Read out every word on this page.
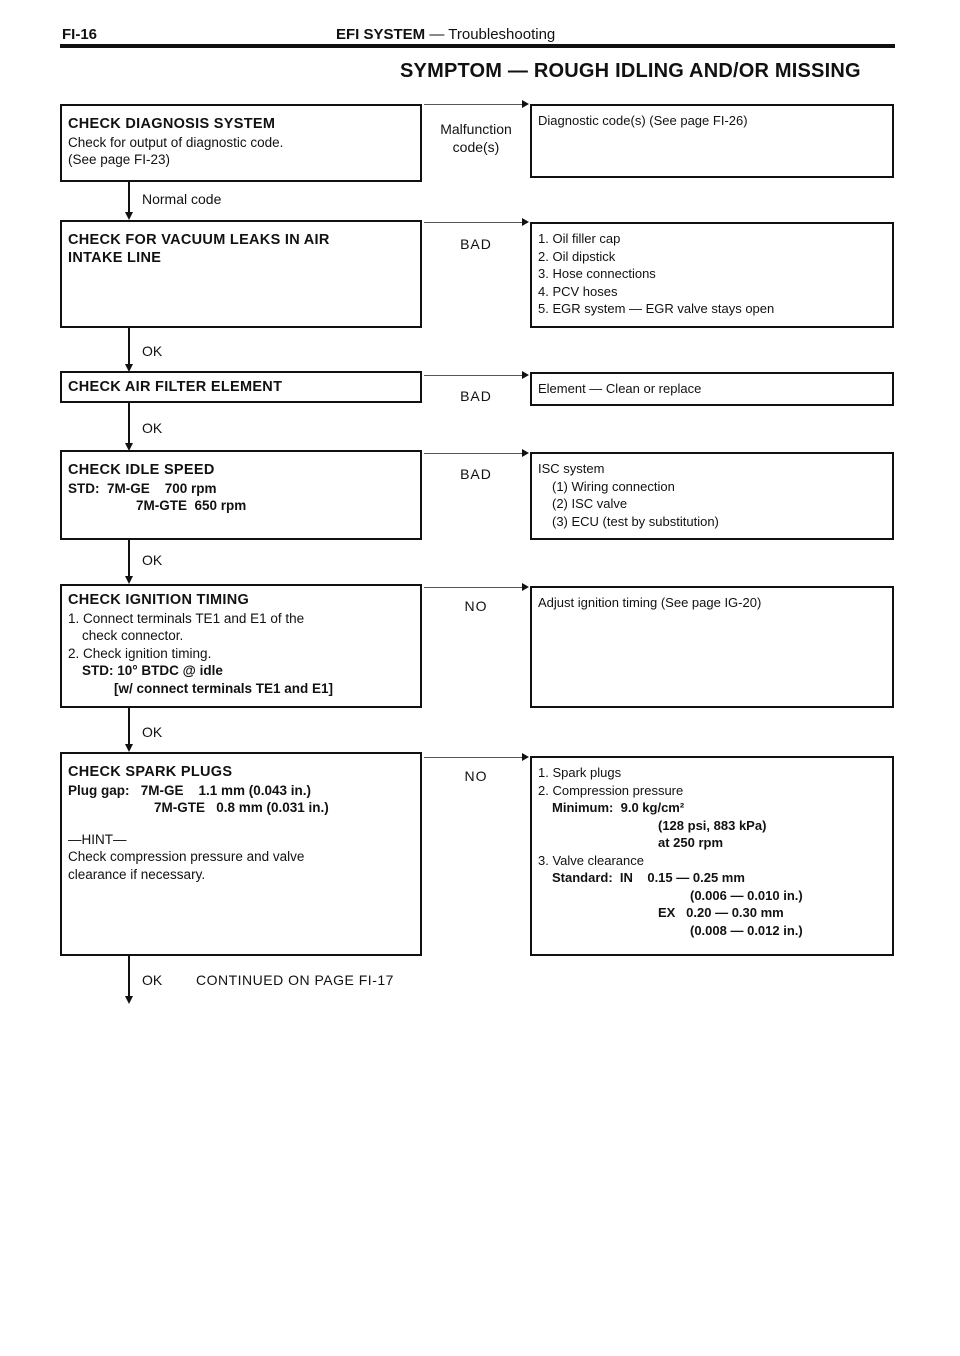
FI-16	EFI SYSTEM — Troubleshooting
SYMPTOM — ROUGH IDLING AND/OR MISSING

CHECK DIAGNOSIS SYSTEM

Check for output of diagnostic code.

(See page FI-23)

Malfunction
code(s)

Diagnostic code(s) (See page FI-26)

Normal code

CHECK FOR VACUUM LEAKS IN AIR

INTAKE LINE

BAD	1. Oil filler cap

2. Oil dipstick

3. Hose connections

4. PCV hoses

5. EGR system — EGR valve stays open

OK

CHECK AIR FILTER ELEMENT

BAD	Element — Clean or replace

OK

CHECK IDLE SPEED

STD:  7M-GE    700 rpm

7M-GTE  650 rpm

BAD	ISC system

(1) Wiring connection

(2) ISC valve

(3) ECU (test by substitution)

OK

CHECK IGNITION TIMING

1. Connect terminals TE1 and E1 of the

check connector.

2. Check ignition timing.

STD: 10° BTDC @ idle

[w/ connect terminals TE1 and E1]

NO	Adjust ignition timing (See page IG-20)

OK

CHECK SPARK PLUGS

Plug gap:   7M-GE    1.1 mm (0.043 in.)

7M-GTE   0.8 mm (0.031 in.)

—HINT—

Check compression pressure and valve

clearance if necessary.

NO	1. Spark plugs

2. Compression pressure

Minimum:  9.0 kg/cm²

(128 psi, 883 kPa)

at 250 rpm

3. Valve clearance

Standard:  IN    0.15 — 0.25 mm

(0.006 — 0.010 in.)

EX   0.20 — 0.30 mm

(0.008 — 0.012 in.)

OK CONTINUED ON PAGE FI-17
